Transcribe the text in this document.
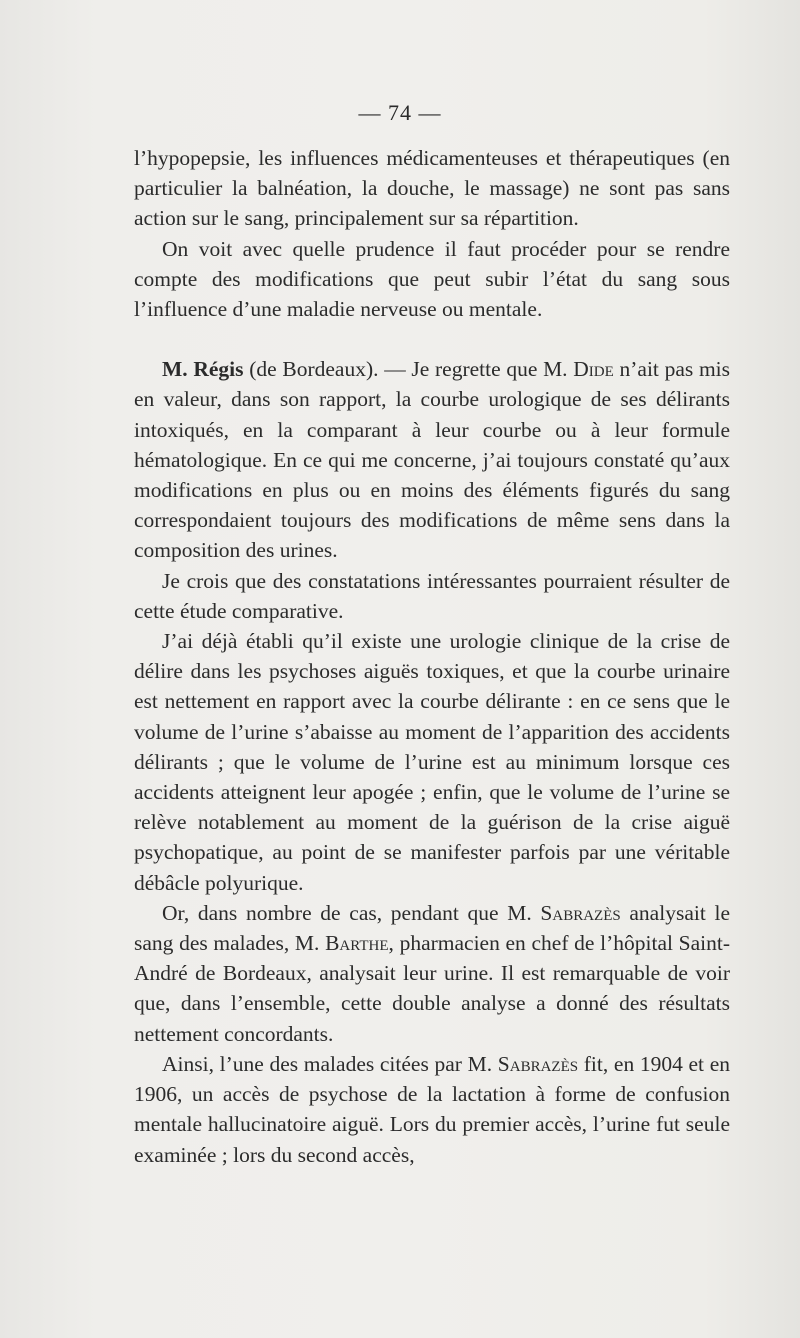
— 74 —

l’hypopepsie, les influences médicamenteuses et thérapeutiques (en particulier la balnéation, la douche, le massage) ne sont pas sans action sur le sang, principalement sur sa répartition.

On voit avec quelle prudence il faut procéder pour se rendre compte des modifications que peut subir l’état du sang sous l’influence d’une maladie nerveuse ou mentale.

M. Régis (de Bordeaux). — Je regrette que M. Dide n’ait pas mis en valeur, dans son rapport, la courbe urologique de ses délirants intoxiqués, en la comparant à leur courbe ou à leur formule hématologique. En ce qui me concerne, j’ai toujours constaté qu’aux modifications en plus ou en moins des éléments figurés du sang correspondaient toujours des modifications de même sens dans la composition des urines.

Je crois que des constatations intéressantes pourraient résulter de cette étude comparative.

J’ai déjà établi qu’il existe une urologie clinique de la crise de délire dans les psychoses aiguës toxiques, et que la courbe urinaire est nettement en rapport avec la courbe délirante : en ce sens que le volume de l’urine s’abaisse au moment de l’apparition des accidents délirants ; que le volume de l’urine est au minimum lorsque ces accidents atteignent leur apogée ; enfin, que le volume de l’urine se relève notablement au moment de la guérison de la crise aiguë psychopatique, au point de se manifester parfois par une véritable débâcle polyurique.

Or, dans nombre de cas, pendant que M. Sabrazès analysait le sang des malades, M. Barthe, pharmacien en chef de l’hôpital Saint-André de Bordeaux, analysait leur urine. Il est remarquable de voir que, dans l’ensemble, cette double analyse a donné des résultats nettement concordants.

Ainsi, l’une des malades citées par M. Sabrazès fit, en 1904 et en 1906, un accès de psychose de la lactation à forme de confusion mentale hallucinatoire aiguë. Lors du premier accès, l’urine fut seule examinée ; lors du second accès,
